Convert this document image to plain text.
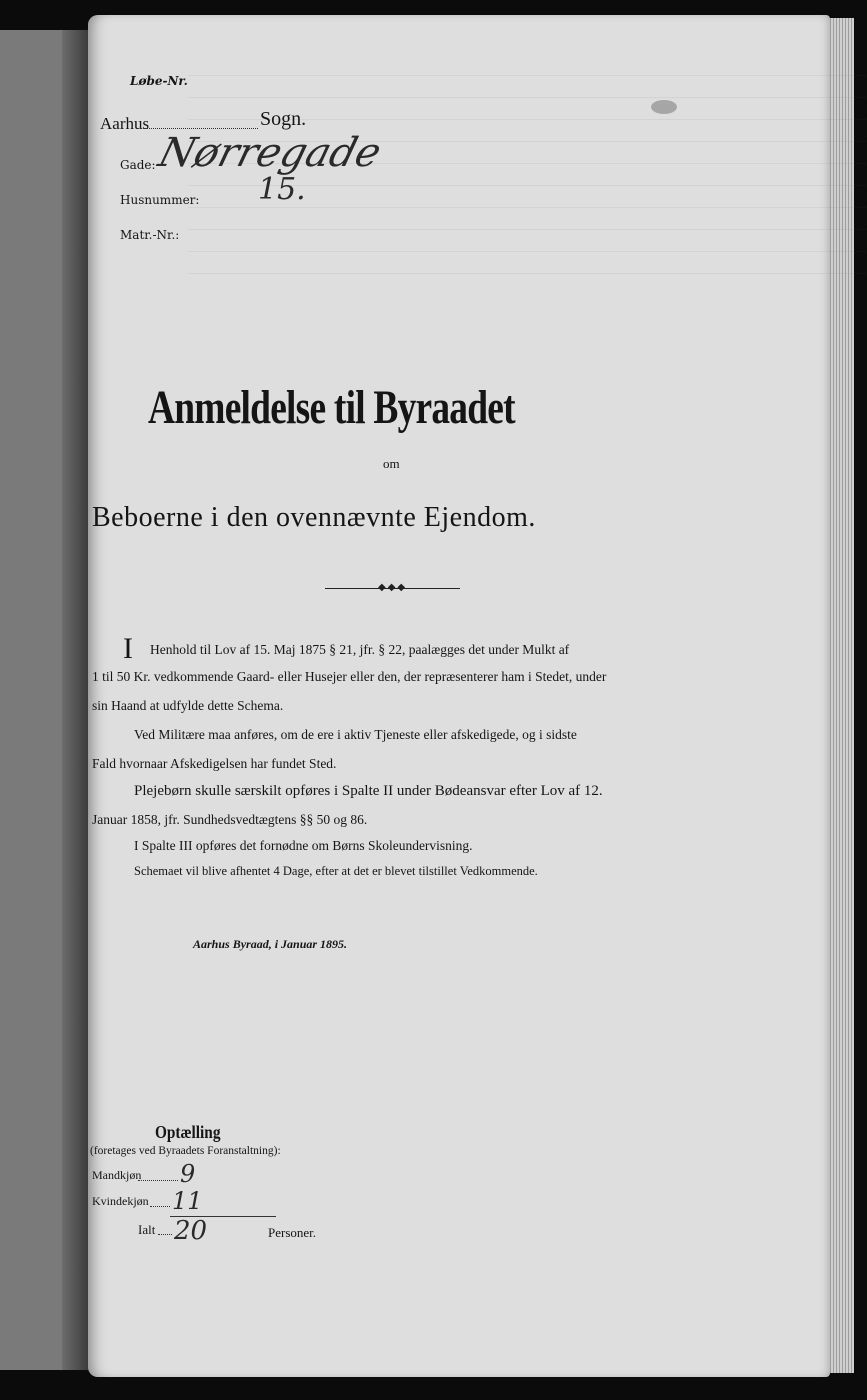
Løbe-Nr.
Aarhus	Sogn.
Gade:
Nørregade
Husnummer: 15.
Matr.-Nr.:
Anmeldelse til Byraadet
om
Beboerne i den ovennævnte Ejendom.
◆◆◆
I Henhold til Lov af 15. Maj 1875 § 21, jfr. § 22, paalægges det under Mulkt af
1 til 50 Kr. vedkommende Gaard- eller Husejer eller den, der repræsenterer ham i Stedet, under
sin Haand at udfylde dette Schema.
Ved Militære maa anføres, om de ere i aktiv Tjeneste eller afskedigede, og i sidste
Fald hvornaar Afskedigelsen har fundet Sted.
Plejebørn skulle særskilt opføres i Spalte II under Bødeansvar efter Lov af 12.
Januar 1858, jfr. Sundhedsvedtægtens §§ 50 og 86.
I Spalte III opføres det fornødne om Børns Skoleundervisning.
Schemaet vil blive afhentet 4 Dage, efter at det er blevet tilstillet Vedkommende.
Aarhus Byraad, i Januar 1895.
Optælling
(foretages ved Byraadets Foranstaltning):
Mandkjøn 9
Kvindekjøn 11
Ialt 20	Personer.
